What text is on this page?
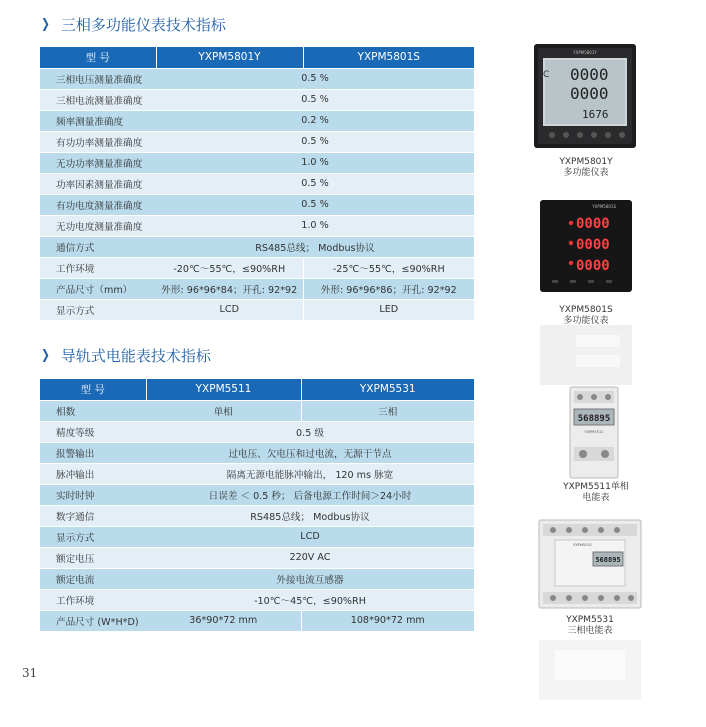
❯ 三相多功能仪表技术指标
型 号	YXPM5801Y	YXPM5801S
三相电压测量准确度	0.5 %	
三相电流测量准确度	0.5 %	
频率测量准确度	0.2 %	
有功功率测量准确度	0.5 %	
无功功率测量准确度	1.0 %	
功率因素测量准确度	0.5 %	
有功电度测量准确度	0.5 %	
无功电度测量准确度	1.0 %	
通信方式	RS485总线； Modbus协议	
工作环境	-20℃～55℃，≤90%RH	-25℃～55℃，≤90%RH
产品尺寸（mm）	外形: 96*96*84；开孔: 92*92	外形: 96*96*86；开孔: 92*92
显示方式	LCD	LED
❯ 导轨式电能表技术指标
型 号	YXPM5511	YXPM5531
相数	单相	三相
精度等级	0.5 级	
报警输出	过电压、欠电压和过电流，无源干节点	
脉冲输出	隔离无源电能脉冲输出， 120 ms 脉宽	
实时时钟	日误差 ＜ 0.5 秒； 后备电源工作时间＞24小时	
数字通信	RS485总线； Modbus协议	
显示方式	LCD	
额定电压	220V AC	
额定电流	外接电流互感器	
工作环境	-10℃～45℃，≤90%RH	
产品尺寸 (W*H*D)	36*90*72 mm	108*90*72 mm
C 0000
0000
1676
YXPM5801Y
YXPM5801Y
多功能仪表
YXPM5801S
0000
0000
0000
YXPM5801S
多功能仪表
568895
YXPM5511
YXPM5511单相
电能表
YXPM5531
568895
YXPM5531
三相电能表
31
